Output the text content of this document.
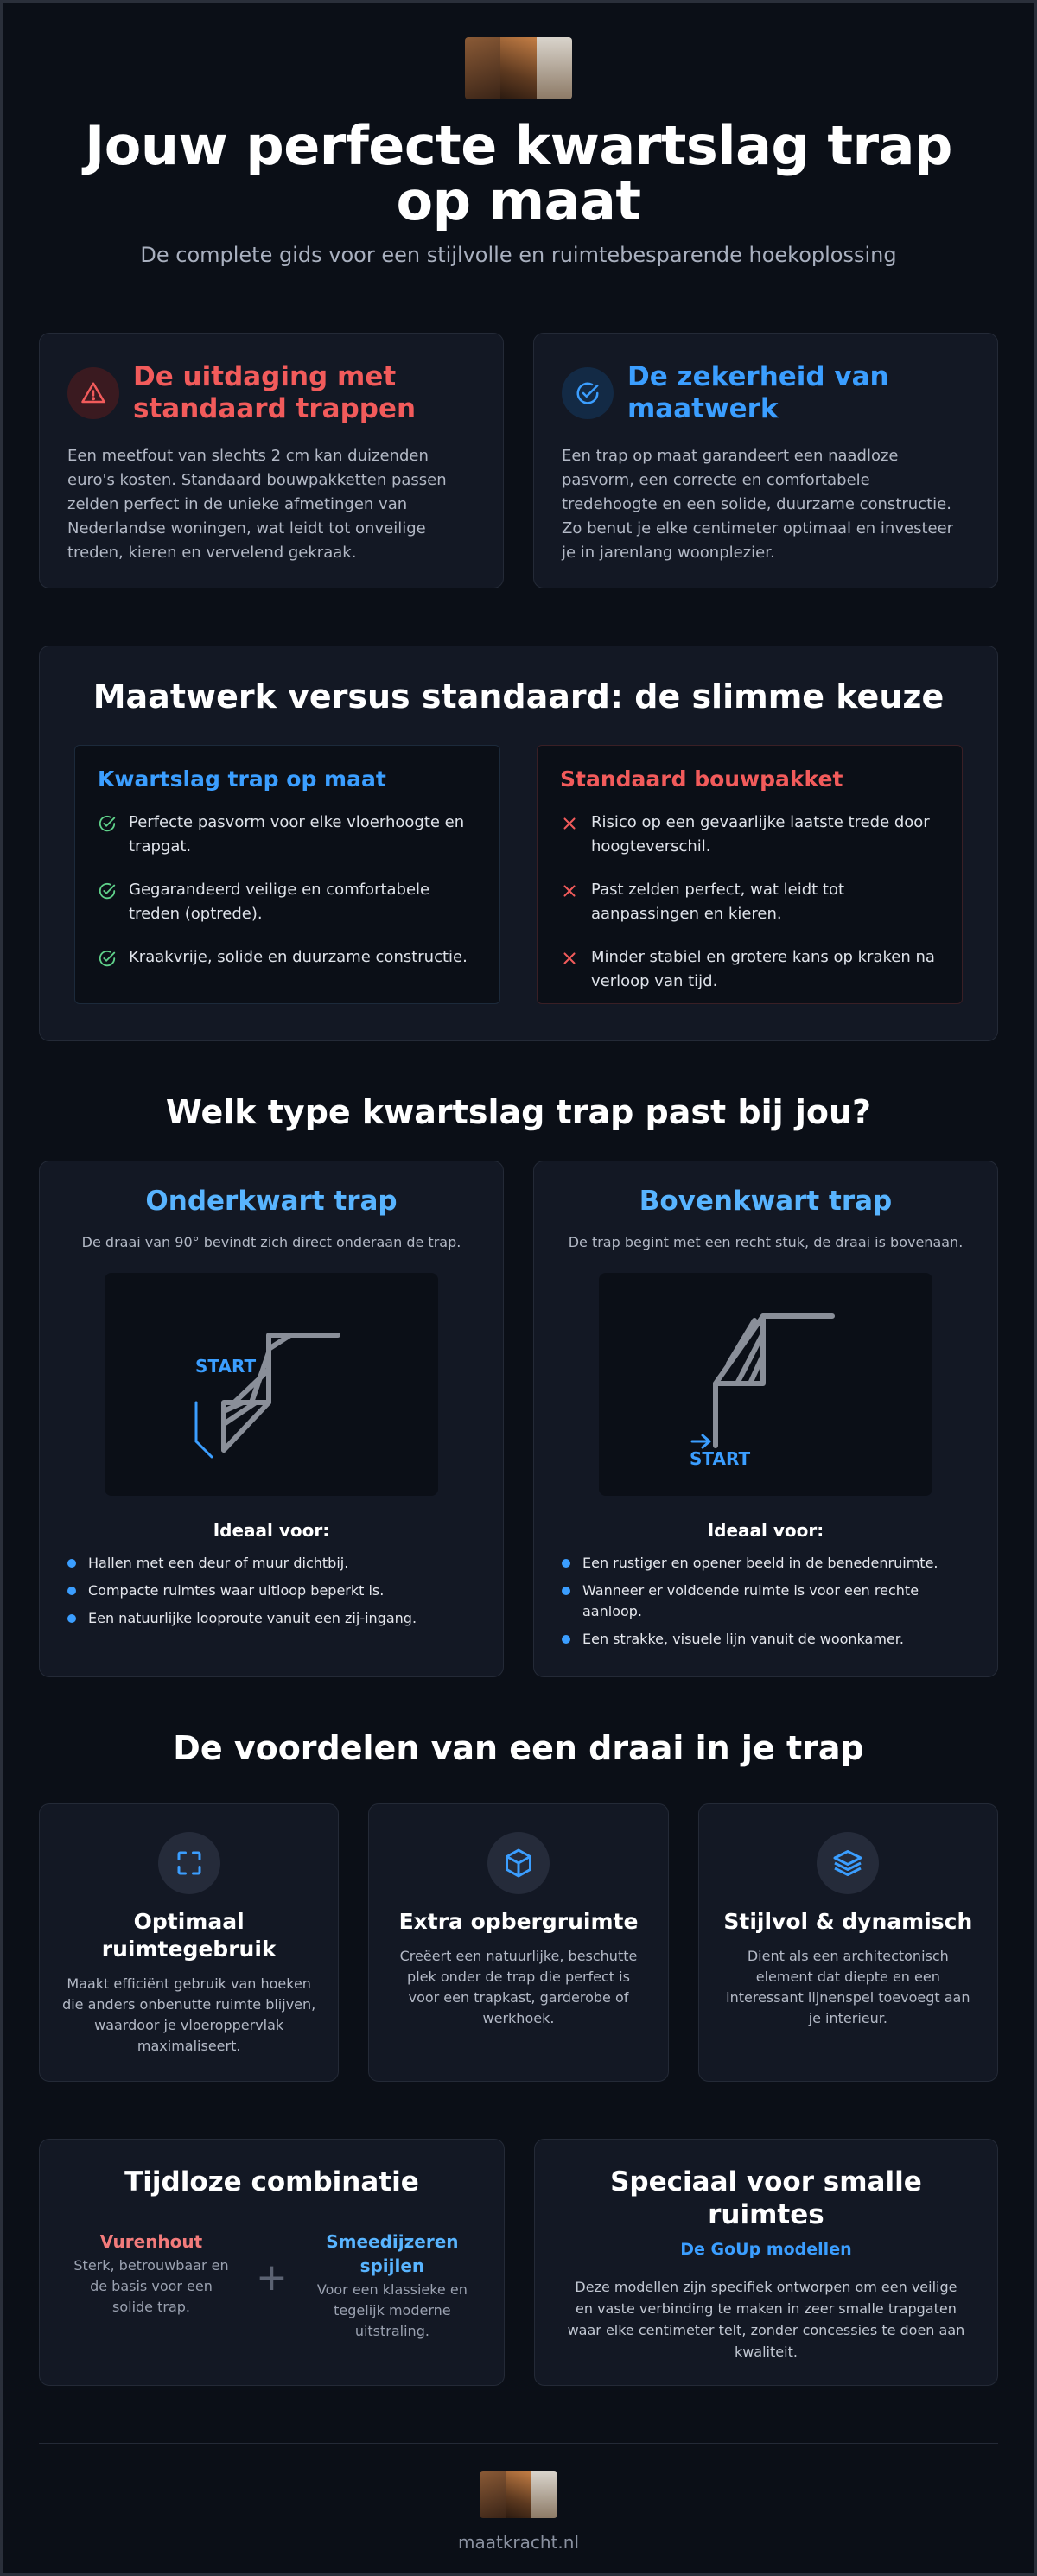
Jouw perfecte kwartslag trap op maat

De complete gids voor een stijlvolle en ruimtebesparende hoekoplossing

De uitdaging met standaard trappen

Een meetfout van slechts 2 cm kan duizenden euro's kosten. Standaard bouwpakketten passen zelden perfect in de unieke afmetingen van Nederlandse woningen, wat leidt tot onveilige treden, kieren en vervelend gekraak.

De zekerheid van maatwerk

Een trap op maat garandeert een naadloze pasvorm, een correcte en comfortabele tredehoogte en een solide, duurzame constructie. Zo benut je elke centimeter optimaal en investeer je in jarenlang woonplezier.

Maatwerk versus standaard: de slimme keuze
Kwartslag trap op maat
Perfecte pasvorm voor elke vloerhoogte en trapgat.
Gegarandeerd veilige en comfortabele treden (optrede).
Kraakvrije, solide en duurzame constructie.
Standaard bouwpakket
Risico op een gevaarlijke laatste trede door hoogteverschil.
Past zelden perfect, wat leidt tot aanpassingen en kieren.
Minder stabiel en grotere kans op kraken na verloop van tijd.
Welk type kwartslag trap past bij jou?
Onderkwart trap

De draai van 90° bevindt zich direct onderaan de trap.

START
Ideaal voor:
Hallen met een deur of muur dichtbij.
Compacte ruimtes waar uitloop beperkt is.
Een natuurlijke looproute vanuit een zij-ingang.
Bovenkwart trap

De trap begint met een recht stuk, de draai is bovenaan.

START
Ideaal voor:
Een rustiger en opener beeld in de benedenruimte.
Wanneer er voldoende ruimte is voor een rechte aanloop.
Een strakke, visuele lijn vanuit de woonkamer.
De voordelen van een draai in je trap
Optimaal ruimtegebruik

Maakt efficiënt gebruik van hoeken die anders onbenutte ruimte blijven, waardoor je vloeroppervlak maximaliseert.

Extra opbergruimte

Creëert een natuurlijke, beschutte plek onder de trap die perfect is voor een trapkast, garderobe of werkhoek.

Stijlvol & dynamisch

Dient als een architectonisch element dat diepte en een interessant lijnenspel toevoegt aan je interieur.

Tijdloze combinatie
Vurenhout
Sterk, betrouwbaar en de basis voor een solide trap.
+
Smeedijzeren spijlen
Voor een klassieke en tegelijk moderne uitstraling.
Speciaal voor smalle ruimtes
De GoUp modellen

Deze modellen zijn specifiek ontworpen om een veilige en vaste verbinding te maken in zeer smalle trapgaten waar elke centimeter telt, zonder concessies te doen aan kwaliteit.

maatkracht.nl
